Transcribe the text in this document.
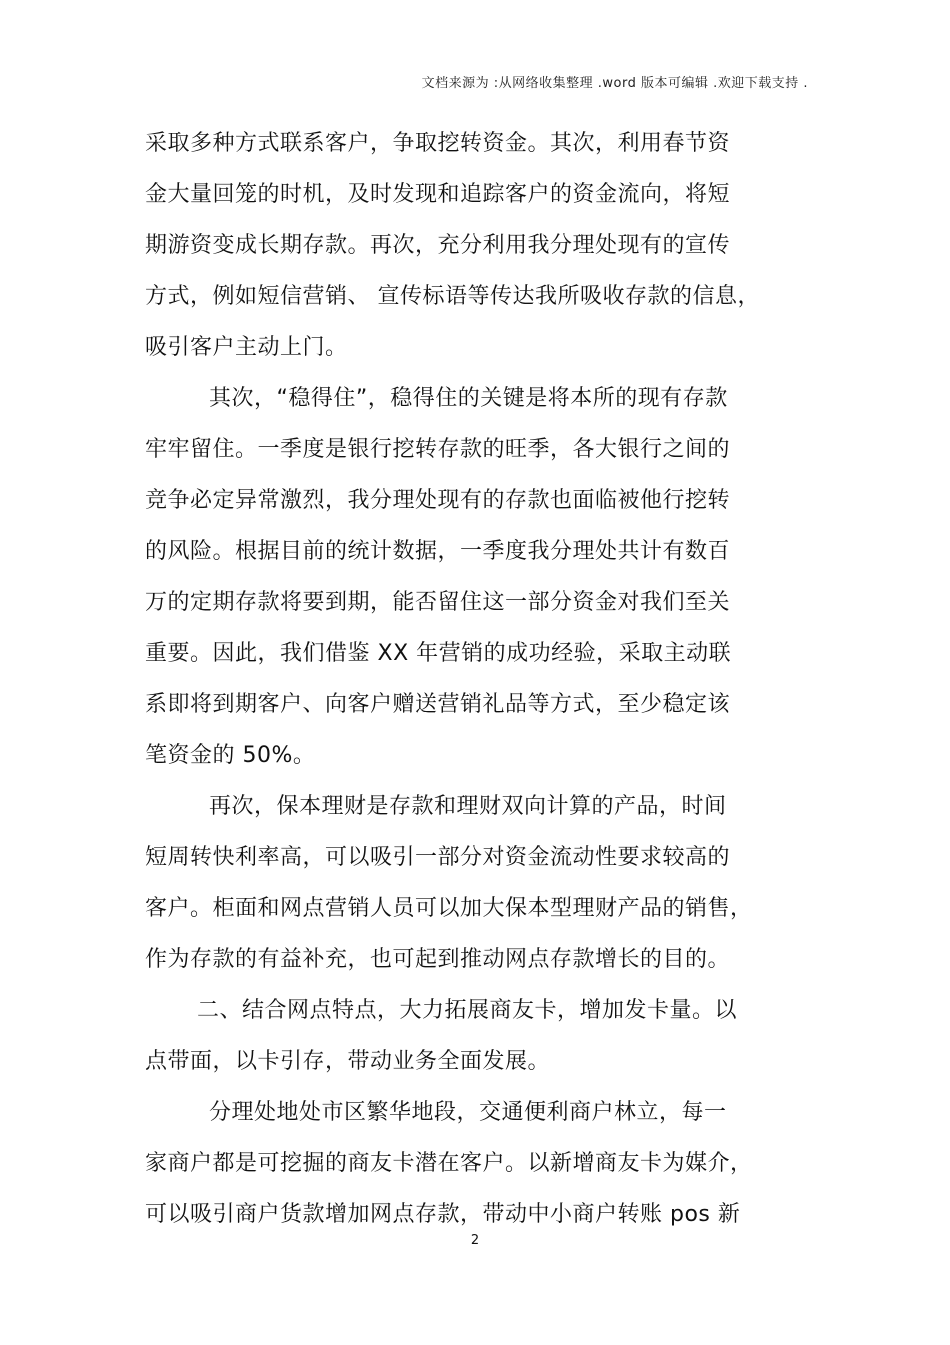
文档来源为 :从网络收集整理 .word 版本可编辑 .欢迎下载支持 .
采取多种方式联系客户，争取挖转资金。其次，利用春节资
金大量回笼的时机，及时发现和追踪客户的资金流向，将短
期游资变成长期存款。再次，充分利用我分理处现有的宣传
方式，例如短信营销、 宣传标语等传达我所吸收存款的信息，
吸引客户主动上门。
其次，“稳得住”，稳得住的关键是将本所的现有存款
牢牢留住。一季度是银行挖转存款的旺季，各大银行之间的
竞争必定异常激烈，我分理处现有的存款也面临被他行挖转
的风险。根据目前的统计数据，一季度我分理处共计有数百
万的定期存款将要到期，能否留住这一部分资金对我们至关
重要。因此，我们借鉴 XX 年营销的成功经验，采取主动联
系即将到期客户、向客户赠送营销礼品等方式，至少稳定该
笔资金的 50%。
再次，保本理财是存款和理财双向计算的产品，时间
短周转快利率高，可以吸引一部分对资金流动性要求较高的
客户。柜面和网点营销人员可以加大保本型理财产品的销售，
作为存款的有益补充，也可起到推动网点存款增长的目的。
二、结合网点特点，大力拓展商友卡，增加发卡量。以
点带面，以卡引存，带动业务全面发展。
分理处地处市区繁华地段，交通便利商户林立，每一
家商户都是可挖掘的商友卡潜在客户。以新增商友卡为媒介，
可以吸引商户货款增加网点存款，带动中小商户转账 pos 新
2
